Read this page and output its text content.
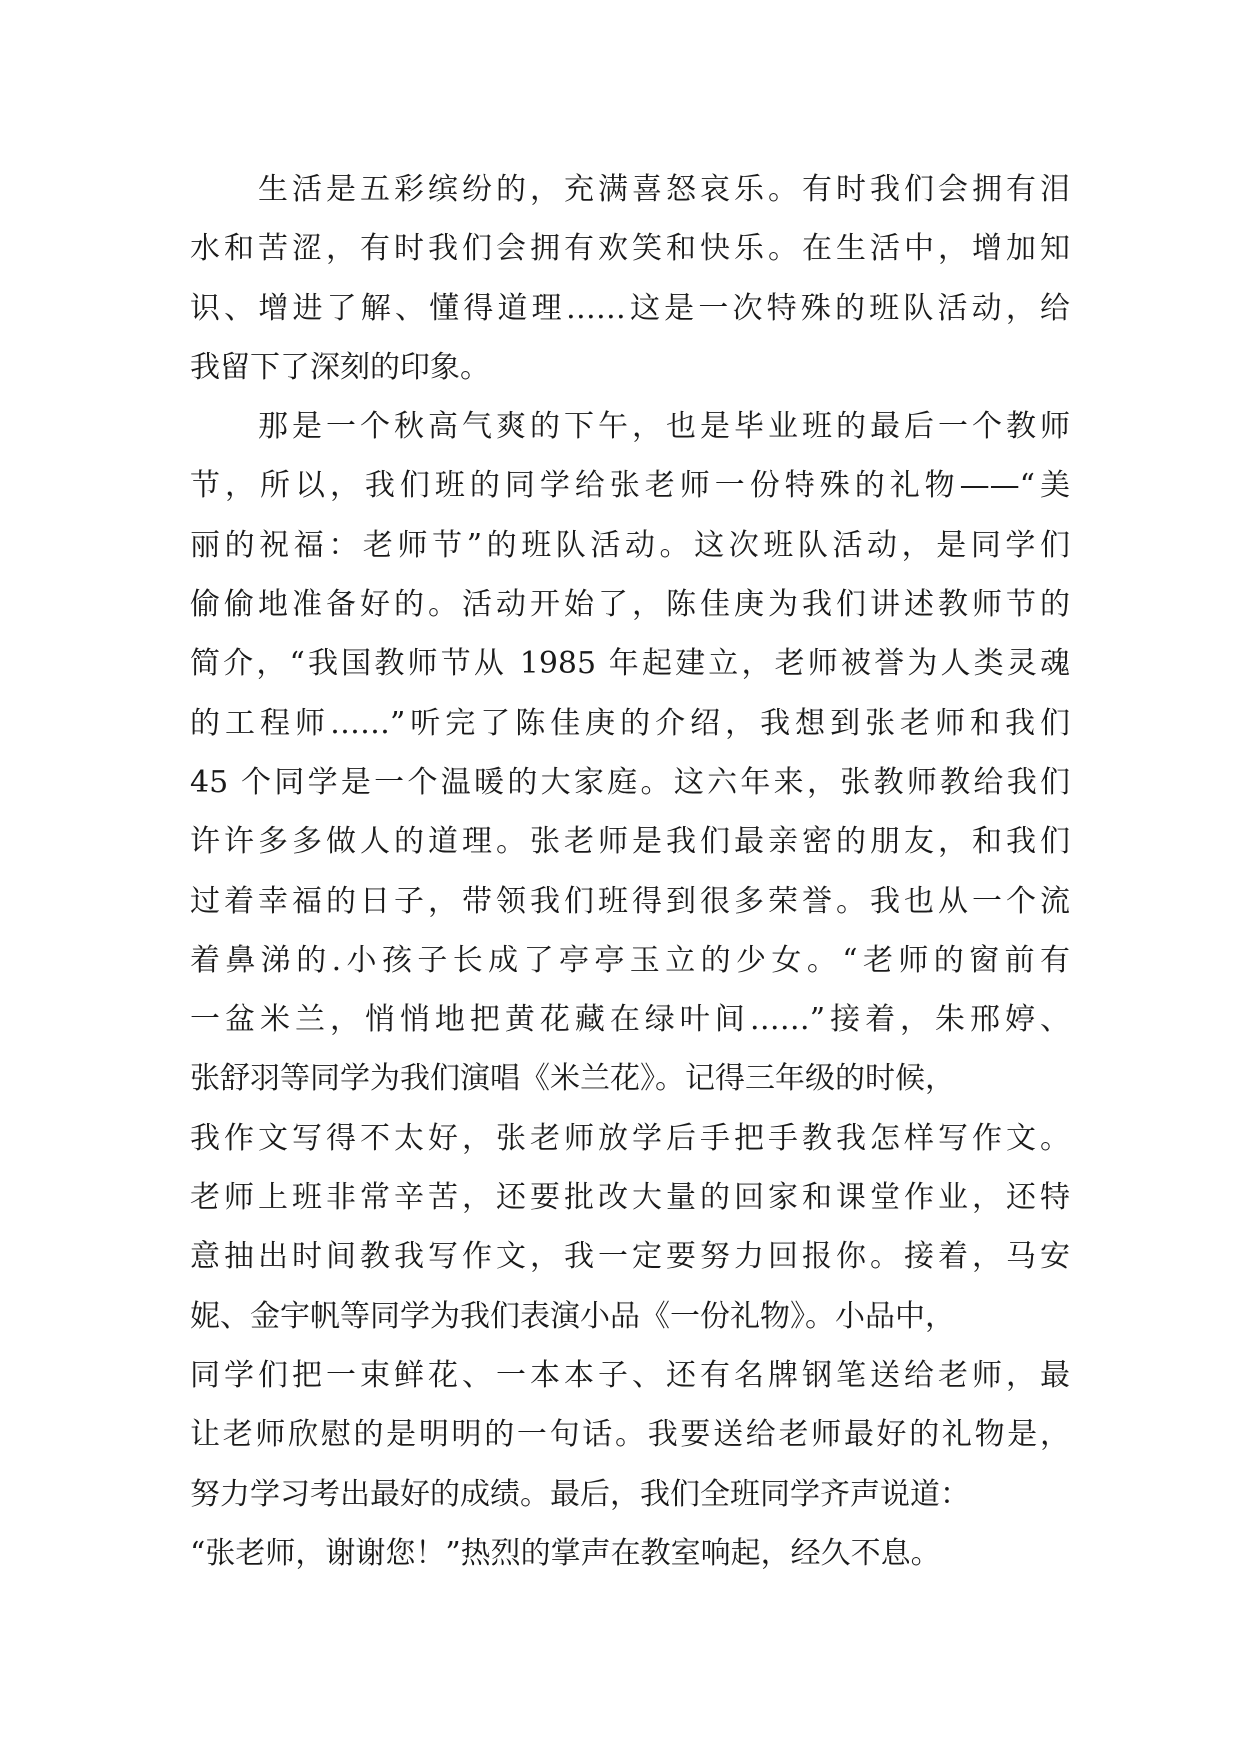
生活是五彩缤纷的，充满喜怒哀乐。有时我们会拥有泪
水和苦涩，有时我们会拥有欢笑和快乐。在生活中，增加知
识、增进了解、懂得道理……这是一次特殊的班队活动，给
我留下了深刻的印象。
那是一个秋高气爽的下午，也是毕业班的最后一个教师
节，所以，我们班的同学给张老师一份特殊的礼物——“美
丽的祝福：老师节”的班队活动。这次班队活动，是同学们
偷偷地准备好的。活动开始了，陈佳庚为我们讲述教师节的
简介，“我国教师节从 1985 年起建立，老师被誉为人类灵魂
的工程师……”听完了陈佳庚的介绍，我想到张老师和我们
45 个同学是一个温暖的大家庭。这六年来，张教师教给我们
许许多多做人的道理。张老师是我们最亲密的朋友，和我们
过着幸福的日子，带领我们班得到很多荣誉。我也从一个流
着鼻涕的.小孩子长成了亭亭玉立的少女。“老师的窗前有
一盆米兰，悄悄地把黄花藏在绿叶间……”接着，朱邢婷、
张舒羽等同学为我们演唱《米兰花》。记得三年级的时候，
我作文写得不太好，张老师放学后手把手教我怎样写作文。
老师上班非常辛苦，还要批改大量的回家和课堂作业，还特
意抽出时间教我写作文，我一定要努力回报你。接着，马安
妮、金宇帆等同学为我们表演小品《一份礼物》。小品中，
同学们把一束鲜花、一本本子、还有名牌钢笔送给老师，最
让老师欣慰的是明明的一句话。我要送给老师最好的礼物是，
努力学习考出最好的成绩。最后，我们全班同学齐声说道：
“张老师，谢谢您！”热烈的掌声在教室响起，经久不息。
